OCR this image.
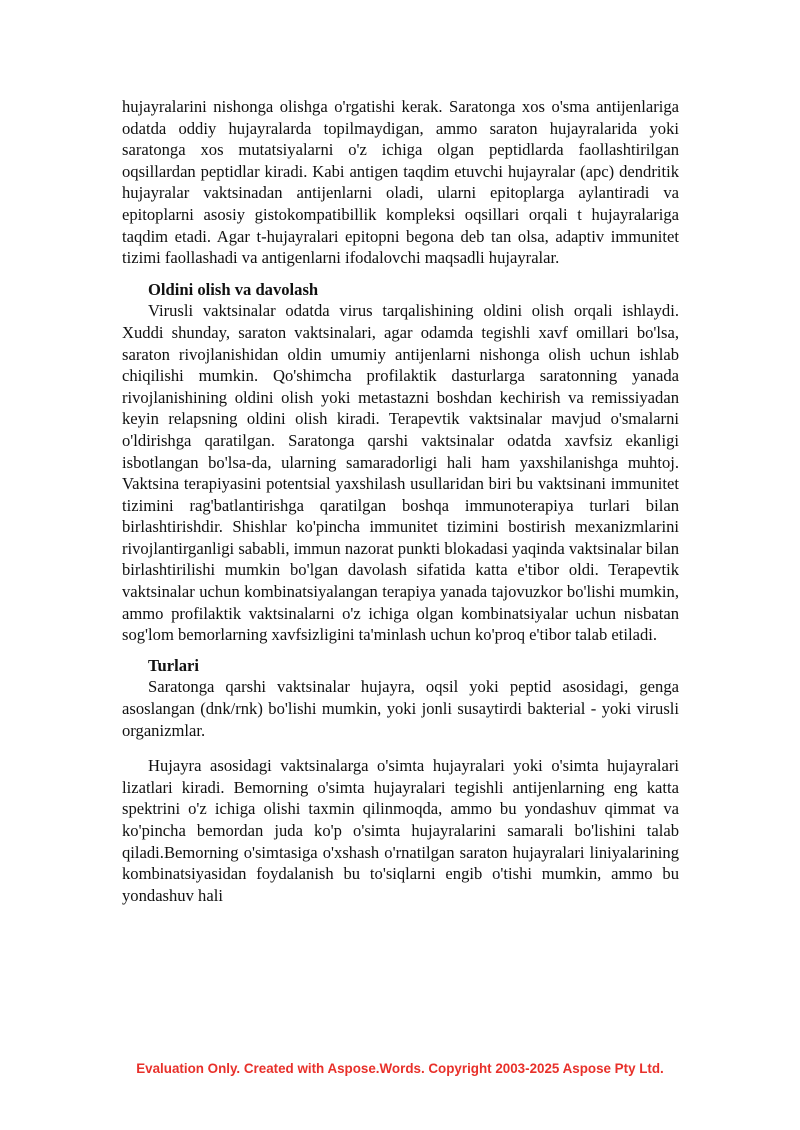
hujayralarini nishonga olishga o'rgatishi kerak. Saratonga xos o'sma antijenlariga odatda oddiy hujayralarda topilmaydigan, ammo saraton hujayralarida yoki saratonga xos mutatsiyalarni o'z ichiga olgan peptidlarda faollashtirilgan oqsillardan peptidlar kiradi. Kabi antigen taqdim etuvchi hujayralar (apc) dendritik hujayralar vaktsinadan antijenlarni oladi, ularni epitoplarga aylantiradi va epitoplarni asosiy gistokompatibillik kompleksi oqsillari orqali t hujayralariga taqdim etadi. Agar t-hujayralari epitopni begona deb tan olsa, adaptiv immunitet tizimi faollashadi va antigenlarni ifodalovchi maqsadli hujayralar.

Oldini olish va davolash

Virusli vaktsinalar odatda virus tarqalishining oldini olish orqali ishlaydi. Xuddi shunday, saraton vaktsinalari, agar odamda tegishli xavf omillari bo'lsa, saraton rivojlanishidan oldin umumiy antijenlarni nishonga olish uchun ishlab chiqilishi mumkin. Qo'shimcha profilaktik dasturlarga saratonning yanada rivojlanishining oldini olish yoki metastazni boshdan kechirish va remissiyadan keyin relapsning oldini olish kiradi. Terapevtik vaktsinalar mavjud o'smalarni o'ldirishga qaratilgan. Saratonga qarshi vaktsinalar odatda xavfsiz ekanligi isbotlangan bo'lsa-da, ularning samaradorligi hali ham yaxshilanishga muhtoj. Vaktsina terapiyasini potentsial yaxshilash usullaridan biri bu vaktsinani immunitet tizimini rag'batlantirishga qaratilgan boshqa immunoterapiya turlari bilan birlashtirishdir. Shishlar ko'pincha immunitet tizimini bostirish mexanizmlarini rivojlantirganligi sababli, immun nazorat punkti blokadasi yaqinda vaktsinalar bilan birlashtirilishi mumkin bo'lgan davolash sifatida katta e'tibor oldi. Terapevtik vaktsinalar uchun kombinatsiyalangan terapiya yanada tajovuzkor bo'lishi mumkin, ammo profilaktik vaktsinalarni o'z ichiga olgan kombinatsiyalar uchun nisbatan sog'lom bemorlarning xavfsizligini ta'minlash uchun ko'proq e'tibor talab etiladi.

Turlari

Saratonga qarshi vaktsinalar hujayra, oqsil yoki peptid asosidagi, genga asoslangan (dnk/rnk) bo'lishi mumkin, yoki jonli susaytirdi bakterial - yoki virusli organizmlar.

Hujayra asosidagi vaktsinalarga o'simta hujayralari yoki o'simta hujayralari lizatlari kiradi. Bemorning o'simta hujayralari tegishli antijenlarning eng katta spektrini o'z ichiga olishi taxmin qilinmoqda, ammo bu yondashuv qimmat va ko'pincha bemordan juda ko'p o'simta hujayralarini samarali bo'lishini talab qiladi.Bemorning o'simtasiga o'xshash o'rnatilgan saraton hujayralari liniyalarining kombinatsiyasidan foydalanish bu to'siqlarni engib o'tishi mumkin, ammo bu yondashuv hali

Evaluation Only. Created with Aspose.Words. Copyright 2003-2025 Aspose Pty Ltd.
